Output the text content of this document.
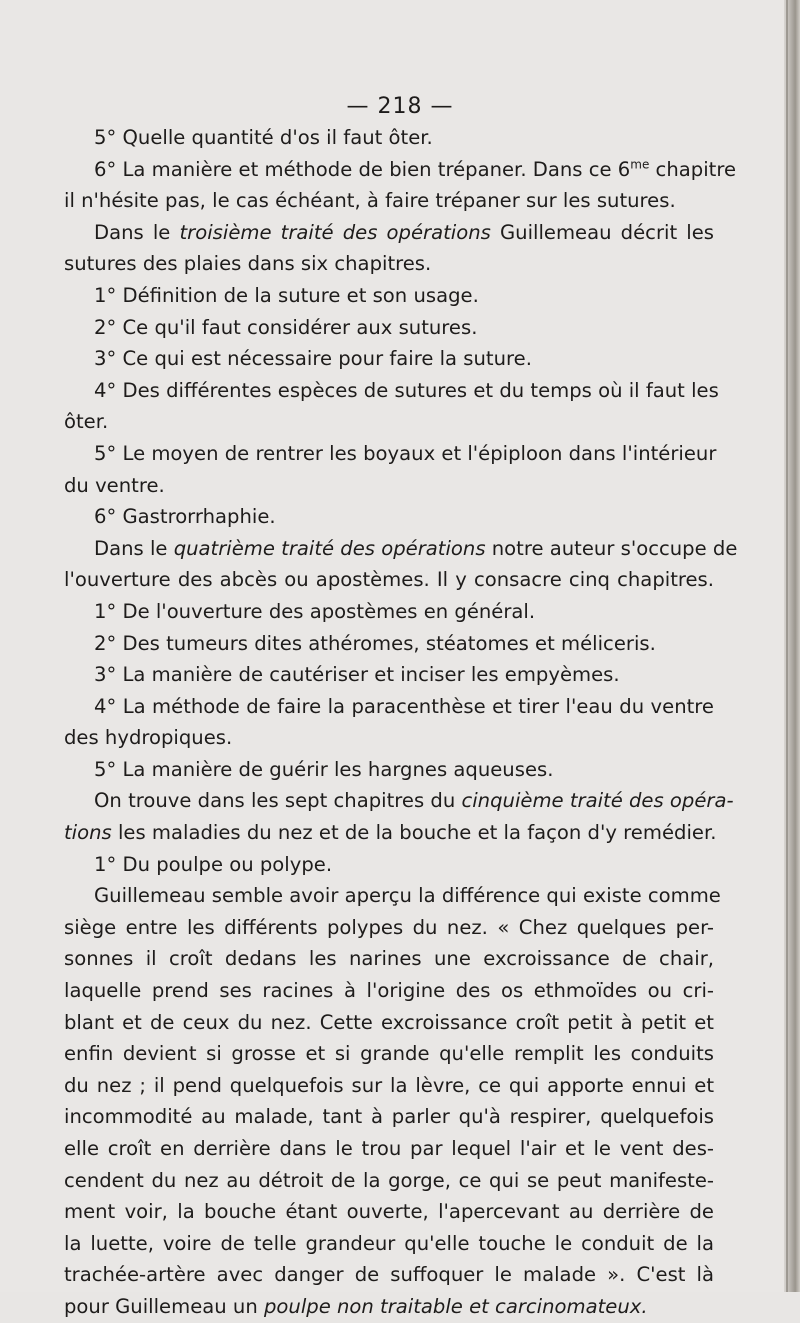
— 218 —
5° Quelle quantité d'os il faut ôter.
6° La manière et méthode de bien trépaner. Dans ce $6^{me}$ chapitre
il n'hésite pas, le cas échéant, à faire trépaner sur les sutures.
Dans le troisième traité des opérations Guillemeau décrit les
sutures des plaies dans six chapitres.
1° Définition de la suture et son usage.
2° Ce qu'il faut considérer aux sutures.
3° Ce qui est nécessaire pour faire la suture.
4° Des différentes espèces de sutures et du temps où il faut les
ôter.
5° Le moyen de rentrer les boyaux et l'épiploon dans l'intérieur
du ventre.
6° Gastrorrhaphie.
Dans le quatrième traité des opérations notre auteur s'occupe de
l'ouverture des abcès ou apostèmes. Il y consacre cinq chapitres.
1° De l'ouverture des apostèmes en général.
2° Des tumeurs dites athéromes, stéatomes et méliceris.
3° La manière de cautériser et inciser les empyèmes.
4° La méthode de faire la paracenthèse et tirer l'eau du ventre
des hydropiques.
5° La manière de guérir les hargnes aqueuses.
On trouve dans les sept chapitres du cinquième traité des opéra-
tions les maladies du nez et de la bouche et la façon d'y remédier.
1° Du poulpe ou polype.
Guillemeau semble avoir aperçu la différence qui existe comme
siège entre les différents polypes du nez. « Chez quelques per-
sonnes il croît dedans les narines une excroissance de chair,
laquelle prend ses racines à l'origine des os ethmoïdes ou cri-
blant et de ceux du nez. Cette excroissance croît petit à petit et
enfin devient si grosse et si grande qu'elle remplit les conduits
du nez ; il pend quelquefois sur la lèvre, ce qui apporte ennui et
incommodité au malade, tant à parler qu'à respirer, quelquefois
elle croît en derrière dans le trou par lequel l'air et le vent des-
cendent du nez au détroit de la gorge, ce qui se peut manifeste-
ment voir, la bouche étant ouverte, l'apercevant au derrière de
la luette, voire de telle grandeur qu'elle touche le conduit de la
trachée-artère avec danger de suffoquer le malade ». C'est là
pour Guillemeau un poulpe non traitable et carcinomateux.
